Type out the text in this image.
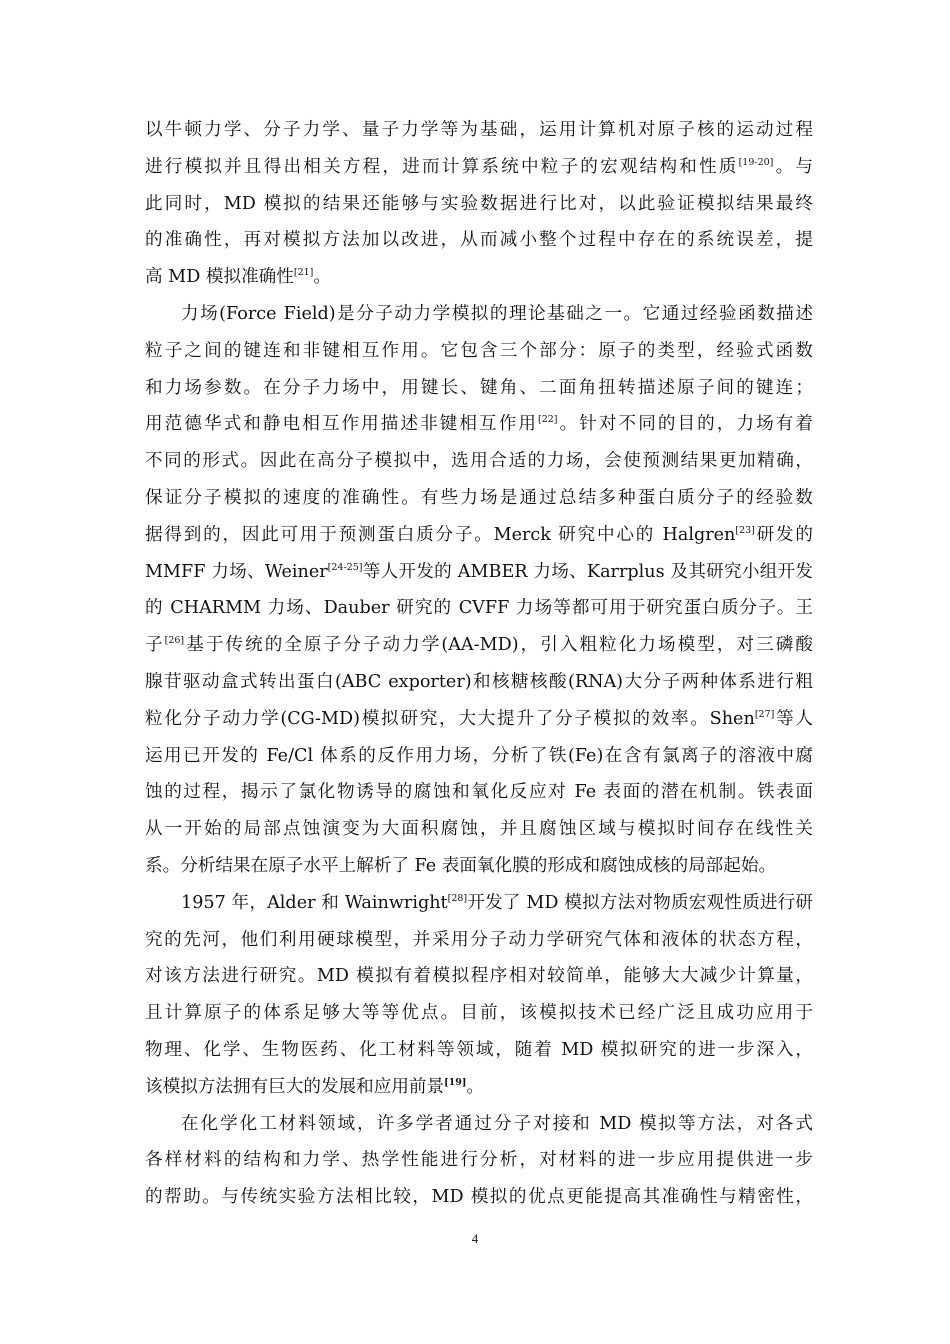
以牛顿力学、分子力学、量子力学等为基础，运用计算机对原子核的运动过程
进行模拟并且得出相关方程，进而计算系统中粒子的宏观结构和性质[19-20]。与
此同时，MD 模拟的结果还能够与实验数据进行比对，以此验证模拟结果最终
的准确性，再对模拟方法加以改进，从而减小整个过程中存在的系统误差，提
高 MD 模拟准确性[21]。
力场(Force Field)是分子动力学模拟的理论基础之一。它通过经验函数描述
粒子之间的键连和非键相互作用。它包含三个部分：原子的类型，经验式函数
和力场参数。在分子力场中，用键长、键角、二面角扭转描述原子间的键连；
用范德华式和静电相互作用描述非键相互作用[22]。针对不同的目的，力场有着
不同的形式。因此在高分子模拟中，选用合适的力场，会使预测结果更加精确，
保证分子模拟的速度的准确性。有些力场是通过总结多种蛋白质分子的经验数
据得到的，因此可用于预测蛋白质分子。Merck 研究中心的 Halgren[23]研发的
MMFF 力场、Weiner[24-25]等人开发的 AMBER 力场、Karrplus 及其研究小组开发
的 CHARMM 力场、Dauber 研究的 CVFF 力场等都可用于研究蛋白质分子。王
子[26]基于传统的全原子分子动力学(AA-MD)，引入粗粒化力场模型，对三磷酸
腺苷驱动盒式转出蛋白(ABC exporter)和核糖核酸(RNA)大分子两种体系进行粗
粒化分子动力学(CG-MD)模拟研究，大大提升了分子模拟的效率。Shen[27]等人
运用已开发的 Fe/Cl 体系的反作用力场，分析了铁(Fe)在含有氯离子的溶液中腐
蚀的过程，揭示了氯化物诱导的腐蚀和氧化反应对 Fe 表面的潜在机制。铁表面
从一开始的局部点蚀演变为大面积腐蚀，并且腐蚀区域与模拟时间存在线性关
系。分析结果在原子水平上解析了 Fe 表面氧化膜的形成和腐蚀成核的局部起始。
1957 年，Alder 和 Wainwright[28]开发了 MD 模拟方法对物质宏观性质进行研
究的先河，他们利用硬球模型，并采用分子动力学研究气体和液体的状态方程，
对该方法进行研究。MD 模拟有着模拟程序相对较简单，能够大大减少计算量，
且计算原子的体系足够大等等优点。目前，该模拟技术已经广泛且成功应用于
物理、化学、生物医药、化工材料等领域，随着 MD 模拟研究的进一步深入，
该模拟方法拥有巨大的发展和应用前景[19]。
在化学化工材料领域，许多学者通过分子对接和 MD 模拟等方法，对各式
各样材料的结构和力学、热学性能进行分析，对材料的进一步应用提供进一步
的帮助。与传统实验方法相比较，MD 模拟的优点更能提高其准确性与精密性，
4
